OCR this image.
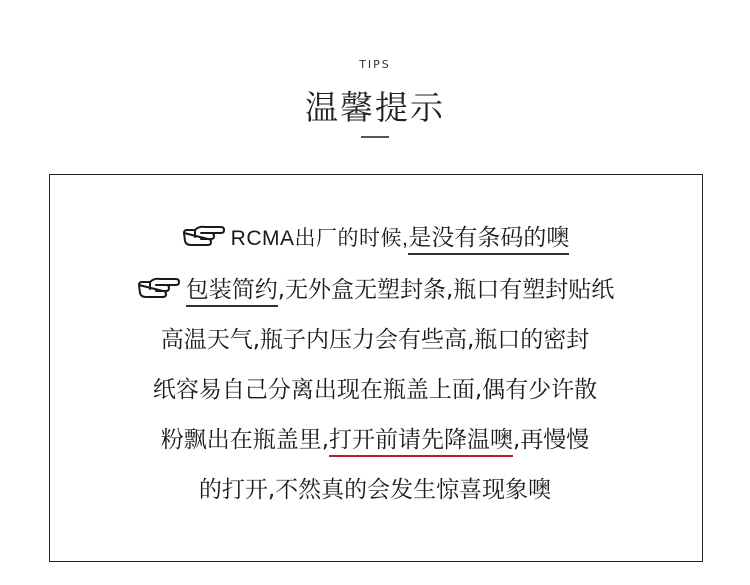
TIPS
温馨提示
RCMA出厂的时候,是没有条码的噢
包装简约,无外盒无塑封条,瓶口有塑封贴纸
高温天气,瓶子内压力会有些高,瓶口的密封
纸容易自己分离出现在瓶盖上面,偶有少许散
粉飘出在瓶盖里,打开前请先降温噢,再慢慢
的打开,不然真的会发生惊喜现象噢
